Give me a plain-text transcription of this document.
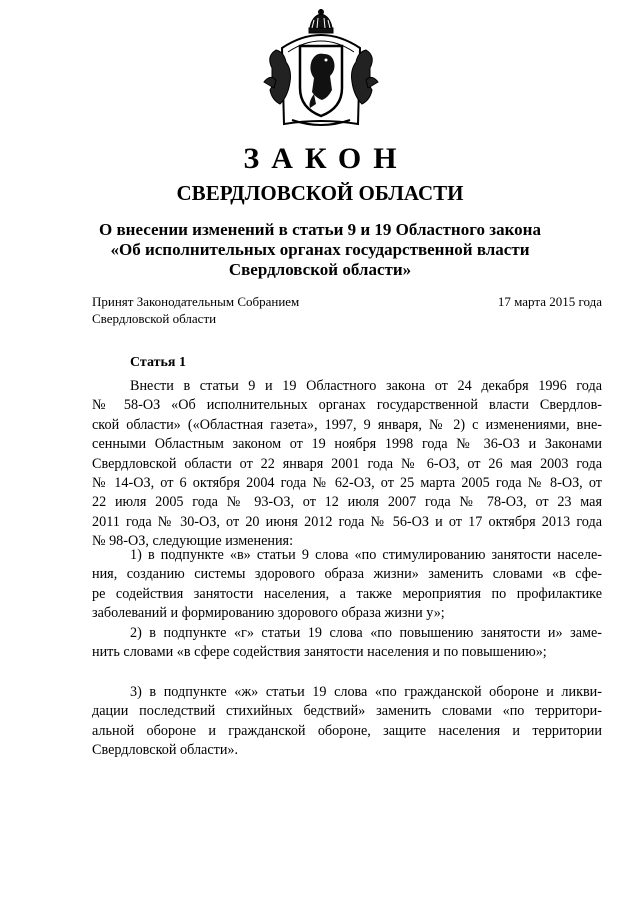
ЗАКОН
СВЕРДЛОВСКОЙ ОБЛАСТИ
О внесении изменений в статьи 9 и 19 Областного закона
«Об исполнительных органах государственной власти
Свердловской области»
Принят Законодательным Собранием
Свердловской области
17 марта 2015 года
Статья 1
Внести в статьи 9 и 19 Областного закона от 24 декабря 1996 года
№ 58-ОЗ «Об исполнительных органах государственной власти Свердлов-
ской области» («Областная газета», 1997, 9 января, № 2) с изменениями, вне-
сенными Областным законом от 19 ноября 1998 года № 36-ОЗ и Законами
Свердловской области от 22 января 2001 года № 6-ОЗ, от 26 мая 2003 года
№ 14-ОЗ, от 6 октября 2004 года № 62-ОЗ, от 25 марта 2005 года № 8-ОЗ, от
22 июля 2005 года № 93-ОЗ, от 12 июля 2007 года № 78-ОЗ, от 23 мая
2011 года № 30-ОЗ, от 20 июня 2012 года № 56-ОЗ и от 17 октября 2013 года
№ 98-ОЗ, следующие изменения:
1) в подпункте «в» статьи 9 слова «по стимулированию занятости населе-
ния, созданию системы здорового образа жизни» заменить словами «в сфе-
ре содействия занятости населения, а также мероприятия по профилактике
заболеваний и формированию здорового образа жизни у»;
2) в подпункте «г» статьи 19 слова «по повышению занятости и» заме-
нить словами «в сфере содействия занятости населения и по повышению»;
3) в подпункте «ж» статьи 19 слова «по гражданской обороне и ликви-
дации последствий стихийных бедствий» заменить словами «по территори-
альной обороне и гражданской обороне, защите населения и территории
Свердловской области».
